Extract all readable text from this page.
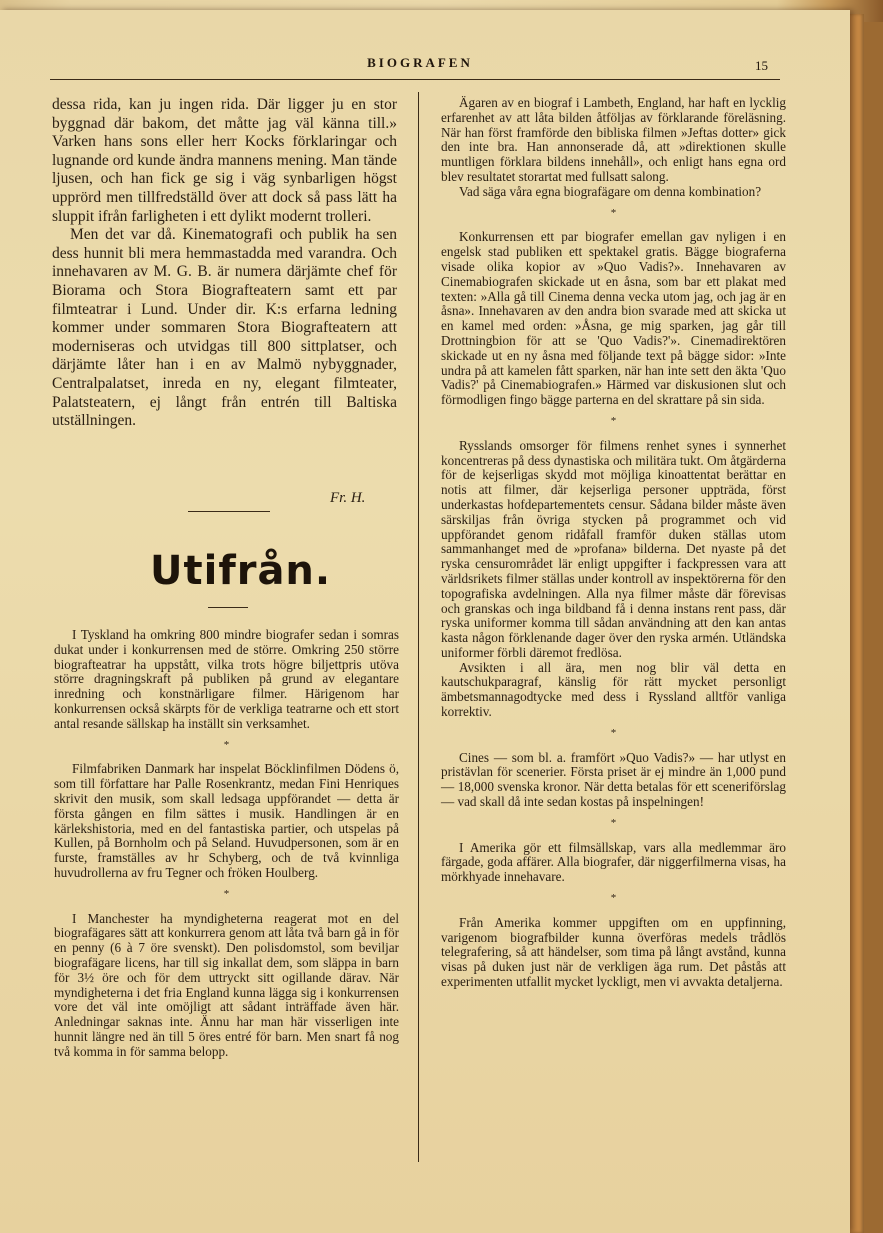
BIOGRAFEN	15

dessa rida, kan ju ingen rida. Där ligger ju en stor byggnad där bakom, det måtte jag väl känna till.» Varken hans sons eller herr Kocks förklaringar och lugnande ord kunde ändra mannens mening. Man tände ljusen, och han fick ge sig i väg synbarligen högst upprörd men tillfredställd över att dock så pass lätt ha sluppit ifrån farligheten i ett dylikt modernt trolleri.

Men det var då. Kinematografi och publik ha sen dess hunnit bli mera hemmastadda med varandra. Och innehavaren av M. G. B. är numera därjämte chef för Biorama och Stora Biografteatern samt ett par filmteatrar i Lund. Under dir. K:s erfarna ledning kommer under sommaren Stora Biografteatern att moderniseras och utvidgas till 800 sittplatser, och därjämte låter han i en av Malmö nybyggnader, Centralpalatset, inreda en ny, elegant filmteater, Palatsteatern, ej långt från entrén till Baltiska utställningen.

Fr. H.
Utifrån.

I Tyskland ha omkring 800 mindre biografer sedan i somras dukat under i konkurrensen med de större. Omkring 250 större biografteatrar ha uppstått, vilka trots högre biljettpris utöva större dragningskraft på publiken på grund av elegantare inredning och konstnärligare filmer. Härigenom har konkurrensen också skärpts för de verkliga teatrarne och ett stort antal resande sällskap ha inställt sin verksamhet.

*

Filmfabriken Danmark har inspelat Böcklinfilmen Dödens ö, som till författare har Palle Rosenkrantz, medan Fini Henriques skrivit den musik, som skall ledsaga uppförandet — detta är första gången en film sättes i musik. Handlingen är en kärlekshistoria, med en del fantastiska partier, och utspelas på Kullen, på Bornholm och på Seland. Huvudpersonen, som är en furste, framställes av hr Schyberg, och de två kvinnliga huvudrollerna av fru Tegner och fröken Houlberg.

*

I Manchester ha myndigheterna reagerat mot en del biografägares sätt att konkurrera genom att låta två barn gå in för en penny (6 à 7 öre svenskt). Den polisdomstol, som beviljar biografägare licens, har till sig inkallat dem, som släppa in barn för 3½ öre och för dem uttryckt sitt ogillande därav. När myndigheterna i det fria England kunna lägga sig i konkurrensen vore det väl inte omöjligt att sådant inträffade även här. Anledningar saknas inte. Ännu har man här visserligen inte hunnit längre ned än till 5 öres entré för barn. Men snart få nog två komma in för samma belopp.

Ägaren av en biograf i Lambeth, England, har haft en lycklig erfarenhet av att låta bilden åtföljas av förklarande föreläsning. När han först framförde den bibliska filmen »Jeftas dotter» gick den inte bra. Han annonserade då, att »direktionen skulle muntligen förklara bildens innehåll», och enligt hans egna ord blev resultatet storartat med fullsatt salong.

Vad säga våra egna biografägare om denna kombination?

*

Konkurrensen ett par biografer emellan gav nyligen i en engelsk stad publiken ett spektakel gratis. Bägge biograferna visade olika kopior av »Quo Vadis?». Innehavaren av Cinemabiografen skickade ut en åsna, som bar ett plakat med texten: »Alla gå till Cinema denna vecka utom jag, och jag är en åsna». Innehavaren av den andra bion svarade med att skicka ut en kamel med orden: »Åsna, ge mig sparken, jag går till Drottningbion för att se 'Quo Vadis?'». Cinemadirektören skickade ut en ny åsna med följande text på bägge sidor: »Inte undra på att kamelen fått sparken, när han inte sett den äkta 'Quo Vadis?' på Cinemabiografen.» Härmed var diskusionen slut och förmodligen fingo bägge parterna en del skrattare på sin sida.

*

Rysslands omsorger för filmens renhet synes i synnerhet koncentreras på dess dynastiska och militära tukt. Om åtgärderna för de kejserligas skydd mot möjliga kinoattentat berättar en notis att filmer, där kejserliga personer uppträda, först underkastas hofdepartementets censur. Sådana bilder måste även särskiljas från övriga stycken på programmet och vid uppförandet genom ridåfall framför duken ställas utom sammanhanget med de »profana» bilderna. Det nyaste på det ryska censurområdet lär enligt uppgifter i fackpressen vara att världsrikets filmer ställas under kontroll av inspektörerna för den topografiska avdelningen. Alla nya filmer måste där förevisas och granskas och inga bildband få i denna instans rent pass, där ryska uniformer komma till sådan användning att den kan antas kasta någon förklenande dager över den ryska armén. Utländska uniformer förbli däremot fredlösa.

Avsikten i all ära, men nog blir väl detta en kautschukparagraf, känslig för rätt mycket personligt ämbetsmannagodtycke med dess i Ryssland alltför vanliga korrektiv.

*

Cines — som bl. a. framfört »Quo Vadis?» — har utlyst en pristävlan för scenerier. Första priset är ej mindre än 1,000 pund — 18,000 svenska kronor. När detta betalas för ett sceneriförslag — vad skall då inte sedan kostas på inspelningen!

*

I Amerika gör ett filmsällskap, vars alla medlemmar äro färgade, goda affärer. Alla biografer, där niggerfilmerna visas, ha mörkhyade innehavare.

*

Från Amerika kommer uppgiften om en uppfinning, varigenom biografbilder kunna överföras medels trådlös telegrafering, så att händelser, som tima på långt avstånd, kunna visas på duken just när de verkligen äga rum. Det påstås att experimenten utfallit mycket lyckligt, men vi avvakta detaljerna.
